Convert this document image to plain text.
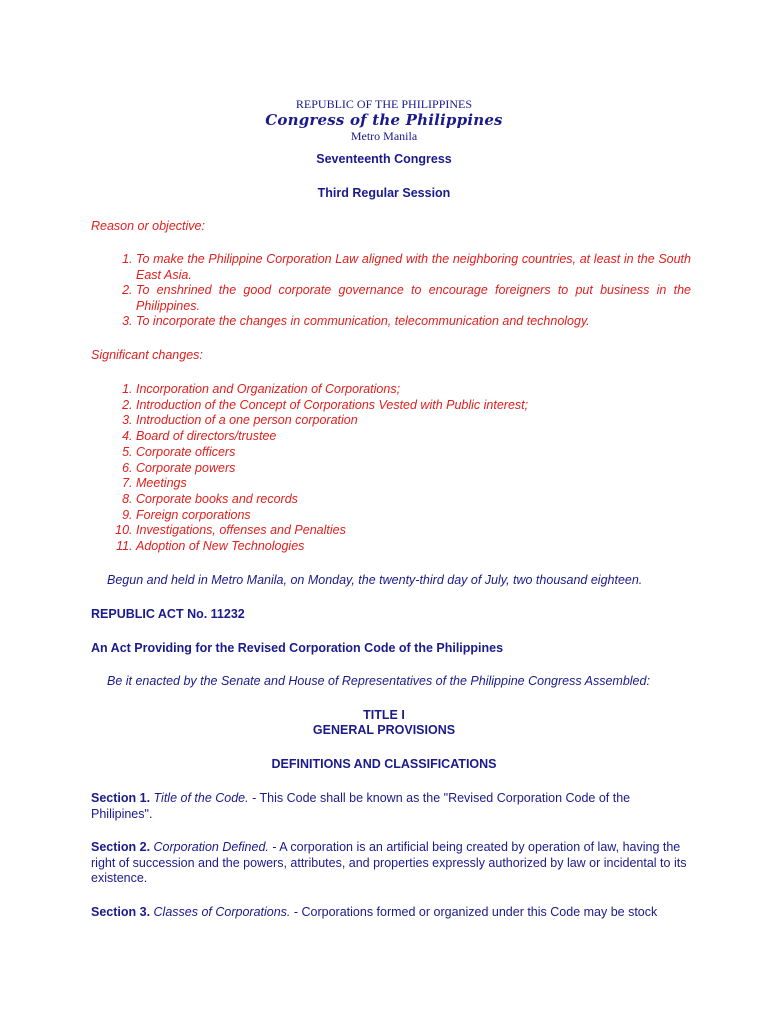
REPUBLIC OF THE PHILIPPINES
Congress of the Philippines
Metro Manila
Seventeenth Congress
Third Regular Session
Reason or objective:
1. To make the Philippine Corporation Law aligned with the neighboring countries, at least in the South East Asia.
2. To enshrined the good corporate governance to encourage foreigners to put business in the Philippines.
3. To incorporate the changes in communication, telecommunication and technology.
Significant changes:
1. Incorporation and Organization of Corporations;
2. Introduction of the Concept of Corporations Vested with Public interest;
3. Introduction of a one person corporation
4. Board of directors/trustee
5. Corporate officers
6. Corporate powers
7. Meetings
8. Corporate books and records
9. Foreign corporations
10. Investigations, offenses and Penalties
11. Adoption of New Technologies
Begun and held in Metro Manila, on Monday, the twenty-third day of July, two thousand eighteen.
REPUBLIC ACT No. 11232
An Act Providing for the Revised Corporation Code of the Philippines
Be it enacted by the Senate and House of Representatives of the Philippine Congress Assembled:
TITLE I
GENERAL PROVISIONS
DEFINITIONS AND CLASSIFICATIONS
Section 1. Title of the Code. - This Code shall be known as the "Revised Corporation Code of the Philipines".
Section 2. Corporation Defined. - A corporation is an artificial being created by operation of law, having the right of succession and the powers, attributes, and properties expressly authorized by law or incidental to its existence.
Section 3. Classes of Corporations. - Corporations formed or organized under this Code may be stock
